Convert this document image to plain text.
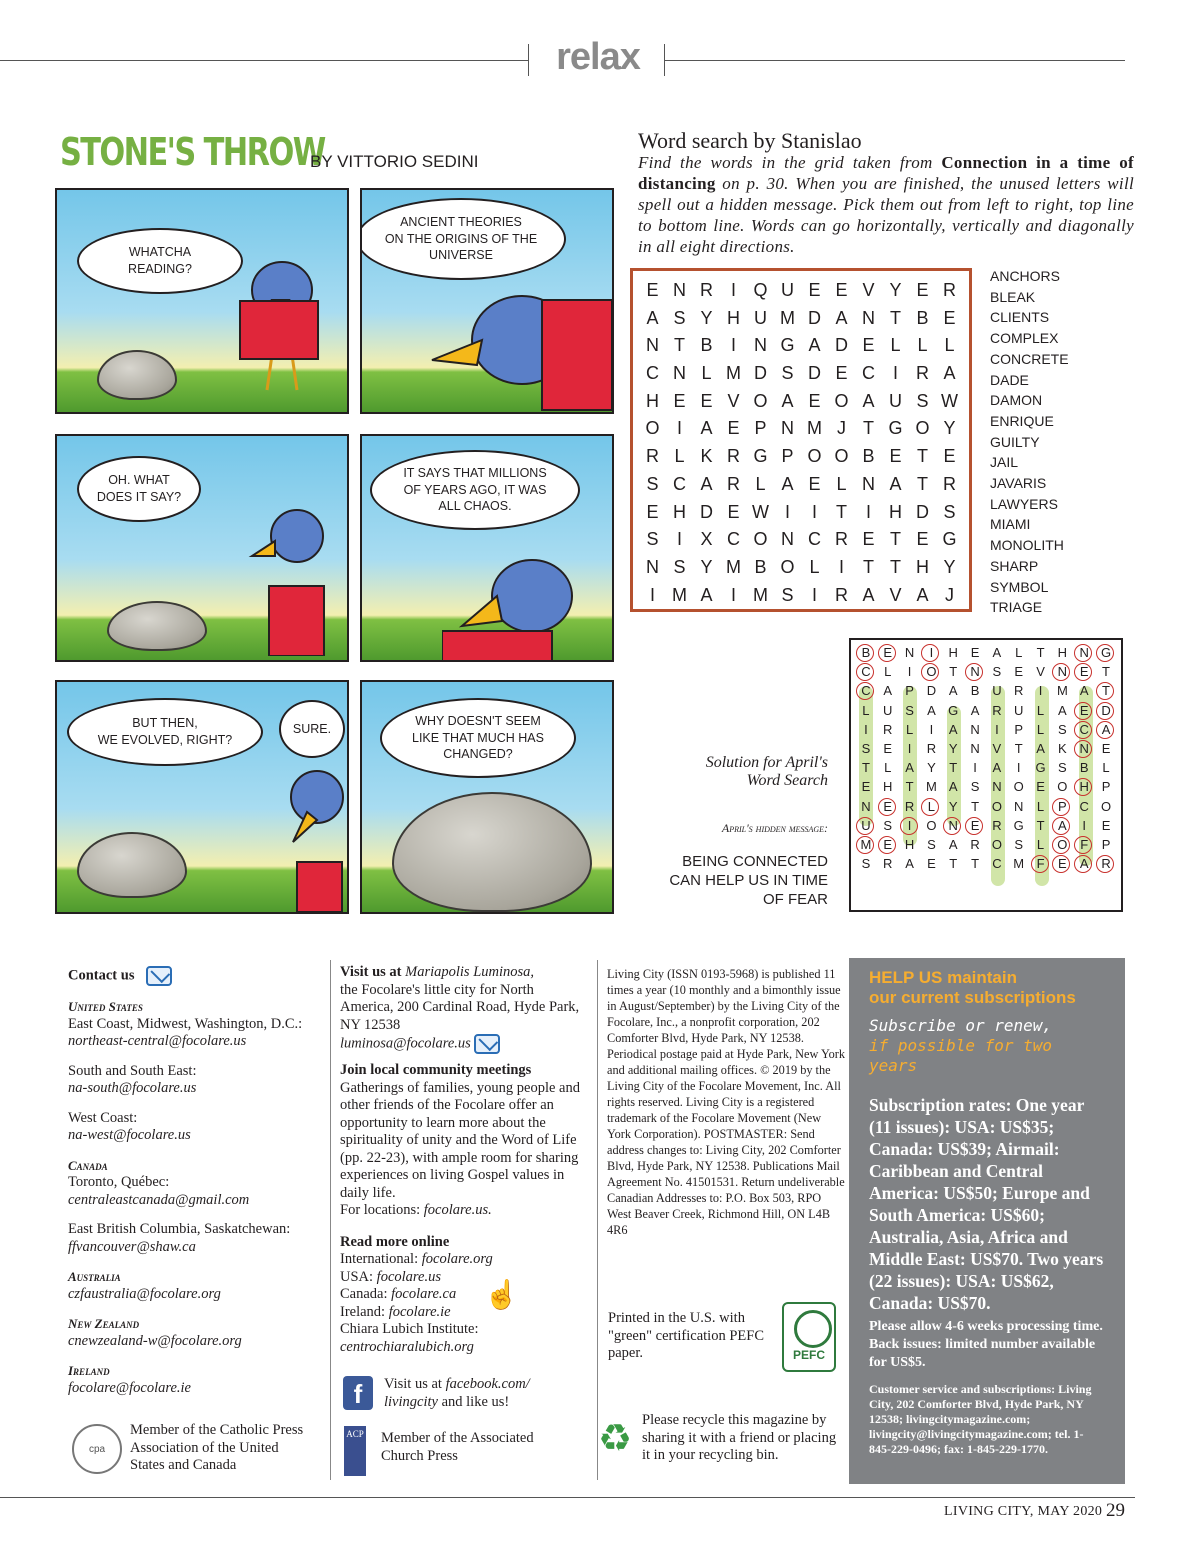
relax
STONE'S THROW
BY VITTORIO SEDINI
WHATCHA
READING?
ANCIENT THEORIES
ON THE ORIGINS OF THE
UNIVERSE
OH. WHAT
DOES IT SAY?
IT SAYS THAT MILLIONS
OF YEARS AGO, IT WAS
ALL CHAOS.
BUT THEN,
WE EVOLVED, RIGHT?
SURE.
WHY DOESN'T SEEM
LIKE THAT MUCH HAS
CHANGED?
Word search by Stanislao
Find the words in the grid taken from Connection in a time of distancing on p. 30. When you are finished, the unused letters will spell out a hidden message. Pick them out from left to right, top line to bottom line. Words can go horizontally, vertically and diagonally in all eight directions.
E N R I Q U E E V Y E R
A S Y H U M D A N T B E
N T B	I	N G A D E L L L
C N L M D S D E C I	R A
H E E V O A E O A U S W
O I	A E P N M J T G O Y
R L K R G P O O B E T E
S C A R L A E L N A T R
E H D E W I	I	T	I	H D S
S	I	X C O N C R E T E G
N S Y M B O L	I	T T H Y
I M A	I M S	I	R A V A J
ANCHORS
BLEAK
CLIENTS
COMPLEX
CONCRETE
DADE
DAMON
ENRIQUE
GUILTY
JAIL
JAVARIS
LAWYERS
MIAMI
MONOLITH
SHARP
SYMBOL
TRIAGE
Solution for April's Word Search
April's hidden message:
BEING CONNECTED CAN HELP US IN TIME OF FEAR
B	E N	I	H E	A	L	T	H N G
C	L	I	O T	N S	E	V N E	T
C A	P D A	B U R	I	M A	T
L	U S	A G A R U	L	A	E D
I	R	L	I	A N	I	P	L	S C A
S	E	I	R Y N V	T	A	K N E
T	L	A	Y	T	I	A	I	G S	B	L
E H	T M A	S N O E O H P
N E R	L	Y	T O N	L	P C O
U S	I	O N E R G T	A	I	E
M E H S	A R O S	L	O F	P
S R A	E	T	T	C M F	E	A R
Contact us
United States
East Coast, Midwest, Washington, D.C.:
northeast-central@focolare.us
South and South East:
na-south@focolare.us
West Coast:
na-west@focolare.us
Canada
Toronto, Québec:
centraleastcanada@gmail.com
East British Columbia, Saskatchewan:
ffvancouver@shaw.ca
Australia
czfaustralia@focolare.org
New Zealand
cnewzealand-w@focolare.org
Ireland
focolare@focolare.ie
cpa
Member of the Catholic Press Association of the United States and Canada
Visit us at Mariapolis Luminosa,
the Focolare's little city for North America, 200 Cardinal Road, Hyde Park, NY 12538
luminosa@focolare.us
Join local community meetings
Gatherings of families, young people and other friends of the Focolare offer an opportunity to learn more about the spirituality of unity and the Word of Life (pp. 22-23), with ample room for sharing experiences on living Gospel values in daily life.
For locations: focolare.us.
Read more online
International: focolare.org
USA: focolare.us
Canada: focolare.ca
Ireland: focolare.ie
Chiara Lubich Institute:
centrochiaralubich.org
☝
f	Visit us at facebook.com/ livingcity and like us!
ACP Member of the Associated Church Press
Living City (ISSN 0193-5968) is published 11 times a year (10 monthly and a bimonthly issue in August/September) by the Living City of the Focolare, Inc., a nonprofit corporation, 202 Comforter Blvd, Hyde Park, NY 12538. Periodical postage paid at Hyde Park, New York and additional mailing offices. © 2019 by the Living City of the Focolare Movement, Inc. All rights reserved. Living City is a registered trademark of the Focolare Movement (New York Corporation). POSTMASTER: Send address changes to: Living City, 202 Comforter Blvd, Hyde Park, NY 12538. Publications Mail Agreement No. 41501531. Return undeliverable Canadian Addresses to: P.O. Box 503, RPO West Beaver Creek, Richmond Hill, ON L4B 4R6
Printed in the U.S. with "green" certification PEFC paper.	PEFC
♻ Please recycle this magazine by sharing it with a friend or placing it in your recycling bin.
HELP US maintain
our current subscriptions
Subscribe or renew,
if possible for two years
Subscription rates: One year (11 issues): USA: US$35; Canada: US$39; Airmail: Caribbean and Central America: US$50; Europe and South America: US$60; Australia, Asia, Africa and Middle East: US$70. Two years (22 issues): USA: US$62, Canada: US$70.
Please allow 4-6 weeks processing time. Back issues: limited number available for US$5.
Customer service and subscriptions: Living City, 202 Comforter Blvd, Hyde Park, NY 12538; livingcitymagazine.com; livingcity@livingcitymagazine.com; tel. 1-845-229-0496; fax: 1-845-229-1770.
LIVING CITY, MAY 2020 29
